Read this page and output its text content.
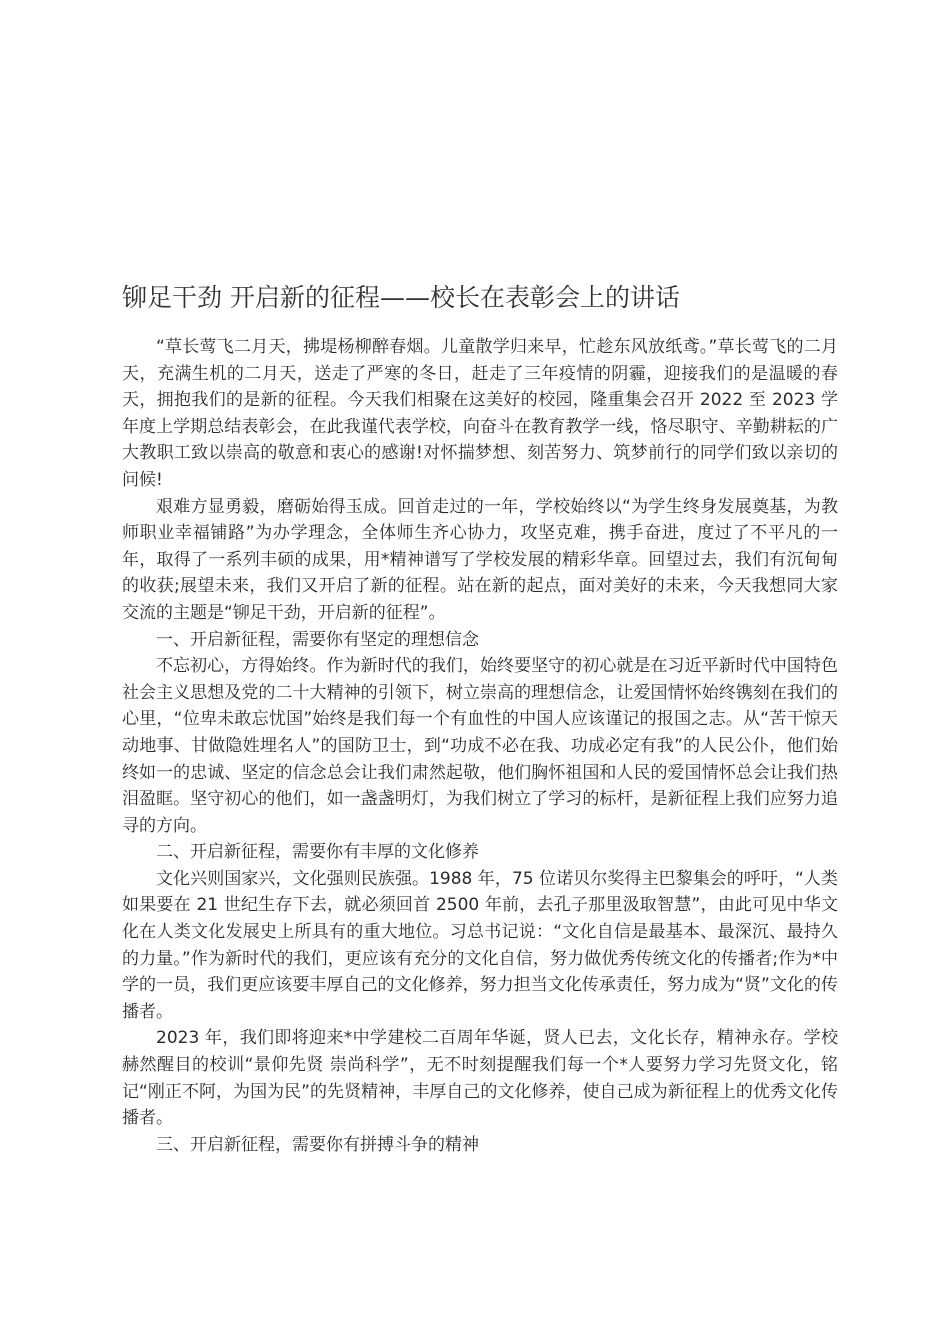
铆足干劲 开启新的征程——校长在表彰会上的讲话

“草长莺飞二月天，拂堤杨柳醉春烟。儿童散学归来早，忙趁东风放纸鸢。”草长莺飞的二月天，充满生机的二月天，送走了严寒的冬日，赶走了三年疫情的阴霾，迎接我们的是温暖的春天，拥抱我们的是新的征程。今天我们相聚在这美好的校园，隆重集会召开 2022 至 2023 学年度上学期总结表彰会，在此我谨代表学校，向奋斗在教育教学一线，恪尽职守、辛勤耕耘的广大教职工致以崇高的敬意和衷心的感谢!对怀揣梦想、刻苦努力、筑梦前行的同学们致以亲切的问候!

艰难方显勇毅，磨砺始得玉成。回首走过的一年，学校始终以“为学生终身发展奠基，为教师职业幸福铺路”为办学理念，全体师生齐心协力，攻坚克难，携手奋进，度过了不平凡的一年，取得了一系列丰硕的成果，用*精神谱写了学校发展的精彩华章。回望过去，我们有沉甸甸的收获;展望未来，我们又开启了新的征程。站在新的起点，面对美好的未来，今天我想同大家交流的主题是“铆足干劲，开启新的征程”。

一、开启新征程，需要你有坚定的理想信念

不忘初心，方得始终。作为新时代的我们，始终要坚守的初心就是在习近平新时代中国特色社会主义思想及党的二十大精神的引领下，树立崇高的理想信念，让爱国情怀始终镌刻在我们的心里，“位卑未敢忘忧国”始终是我们每一个有血性的中国人应该谨记的报国之志。从“苦干惊天动地事、甘做隐姓埋名人”的国防卫士，到“功成不必在我、功成必定有我”的人民公仆，他们始终如一的忠诚、坚定的信念总会让我们肃然起敬，他们胸怀祖国和人民的爱国情怀总会让我们热泪盈眶。坚守初心的他们，如一盏盏明灯，为我们树立了学习的标杆，是新征程上我们应努力追寻的方向。

二、开启新征程，需要你有丰厚的文化修养

文化兴则国家兴，文化强则民族强。1988 年，75 位诺贝尔奖得主巴黎集会的呼吁，“人类如果要在 21 世纪生存下去，就必须回首 2500 年前，去孔子那里汲取智慧”，由此可见中华文化在人类文化发展史上所具有的重大地位。习总书记说：“文化自信是最基本、最深沉、最持久的力量。”作为新时代的我们，更应该有充分的文化自信，努力做优秀传统文化的传播者;作为*中学的一员，我们更应该要丰厚自己的文化修养，努力担当文化传承责任，努力成为“贤”文化的传播者。

2023 年，我们即将迎来*中学建校二百周年华诞，贤人已去，文化长存，精神永存。学校赫然醒目的校训“景仰先贤 崇尚科学”，无不时刻提醒我们每一个*人要努力学习先贤文化，铭记“刚正不阿，为国为民”的先贤精神，丰厚自己的文化修养，使自己成为新征程上的优秀文化传播者。

三、开启新征程，需要你有拼搏斗争的精神
